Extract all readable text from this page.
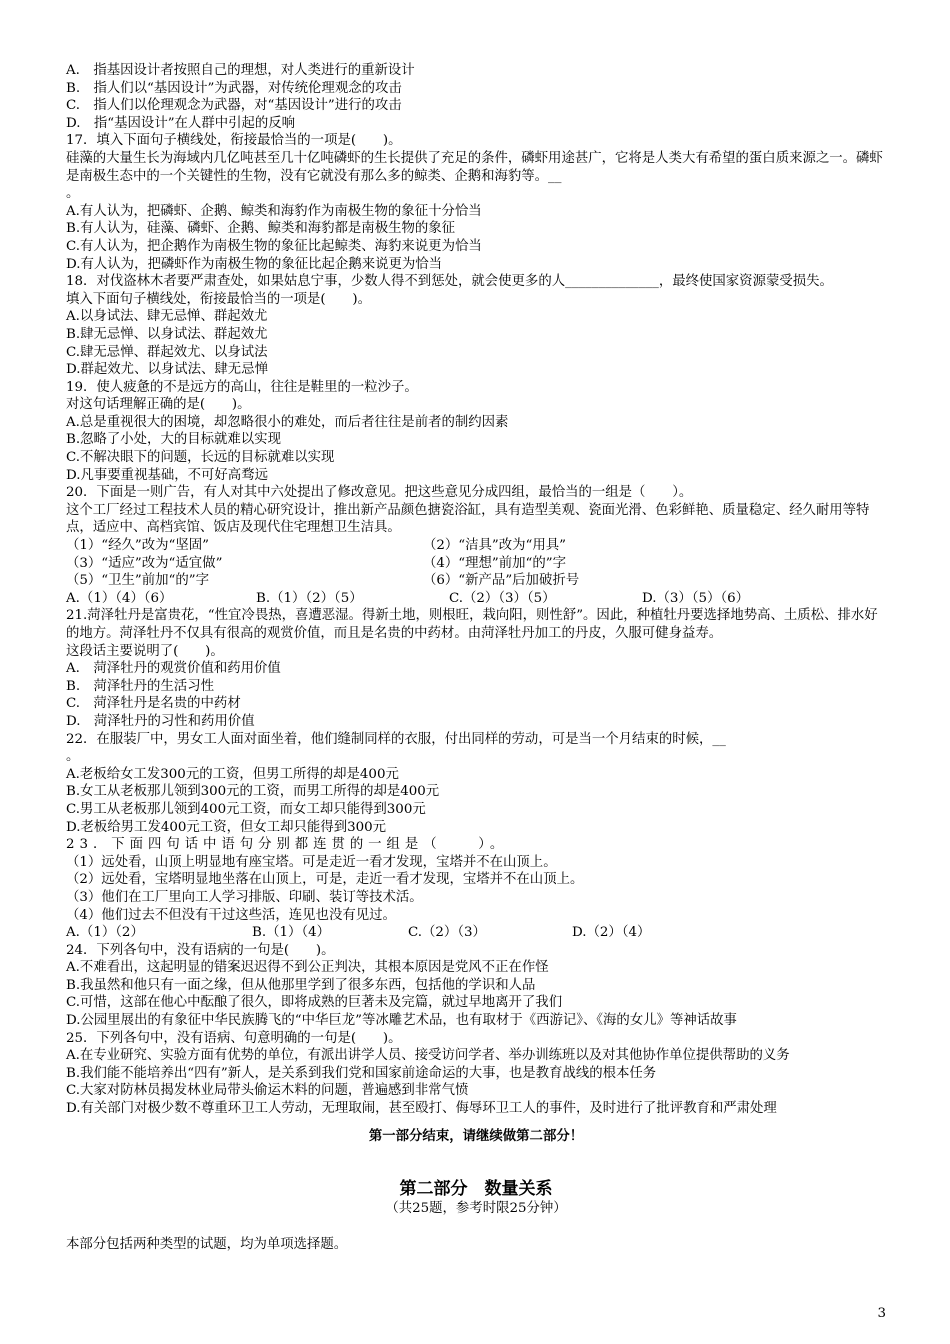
A.　指基因设计者按照自己的理想，对人类进行的重新设计

B.　指人们以“基因设计”为武器，对传统伦理观念的攻击

C.　指人们以伦理观念为武器，对“基因设计”进行的攻击

D.　指“基因设计”在人群中引起的反响

17．填入下面句子横线处，衔接最恰当的一项是(　　)。

硅藻的大量生长为海域内几亿吨甚至几十亿吨磷虾的生长提供了充足的条件，磷虾用途甚广，它将是人类大有希望的蛋白质来源之一。磷虾是南极生态中的一个关键性的生物，没有它就没有那么多的鲸类、企鹅和海豹等。__

。

A.有人认为，把磷虾、企鹅、鲸类和海豹作为南极生物的象征十分恰当

B.有人认为，硅藻、磷虾、企鹅、鲸类和海豹都是南极生物的象征

C.有人认为，把企鹅作为南极生物的象征比起鲸类、海豹来说更为恰当

D.有人认为，把磷虾作为南极生物的象征比起企鹅来说更为恰当

18．对伐盗林木者要严肃查处，如果姑息宁事，少数人得不到惩处，就会使更多的人______________，最终使国家资源蒙受损失。

填入下面句子横线处，衔接最恰当的一项是(　　)。

A.以身试法、肆无忌惮、群起效尤

B.肆无忌惮、以身试法、群起效尤

C.肆无忌惮、群起效尤、以身试法

D.群起效尤、以身试法、肆无忌惮

19．使人疲惫的不是远方的高山，往往是鞋里的一粒沙子。

对这句话理解正确的是(　　)。

A.总是重视很大的困境，却忽略很小的难处，而后者往往是前者的制约因素

B.忽略了小处，大的目标就难以实现

C.不解决眼下的问题，长远的目标就难以实现

D.凡事要重视基础，不可好高骛远

20．下面是一则广告，有人对其中六处提出了修改意见。把这些意见分成四组，最恰当的一组是（　　）。

这个工厂经过工程技术人员的精心研究设计，推出新产品颜色搪瓷浴缸，具有造型美观、瓷面光滑、色彩鲜艳、质量稳定、经久耐用等特点，适应中、高档宾馆、饭店及现代住宅理想卫生洁具。

（1）“经久”改为“坚固”	（2）“洁具”改为“用具”
（3）“适应”改为“适宜做”	（4）“理想”前加“的”字
（5）“卫生”前加“的”字	（6）“新产品”后加破折号
A.（1）（4）（6）	B.（1）（2）（5）	C.（2）（3）（5）	D.（3）（5）（6）

21.菏泽牡丹是富贵花，“性宜冷畏热，喜遭恶湿。得新土地，则根旺，栽向阳，则性舒”。因此，种植牡丹要选择地势高、土质松、排水好的地方。菏泽牡丹不仅具有很高的观赏价值，而且是名贵的中药材。由菏泽牡丹加工的丹皮，久服可健身益寿。

这段话主要说明了(　　)。

A.　菏泽牡丹的观赏价值和药用价值

B.　菏泽牡丹的生活习性

C.　菏泽牡丹是名贵的中药材

D.　菏泽牡丹的习性和药用价值

22．在服装厂中，男女工人面对面坐着，他们缝制同样的衣服，付出同样的劳动，可是当一个月结束的时候，__

。

A.老板给女工发300元的工资，但男工所得的却是400元

B.女工从老板那儿领到300元的工资，而男工所得的却是400元

C.男工从老板那儿领到400元工资，而女工却只能得到300元

D.老板给男工发400元工资，但女工却只能得到300元

23．下面四句话中语句分别都连贯的一组是（　　）。

（1）远处看，山顶上明显地有座宝塔。可是走近一看才发现，宝塔并不在山顶上。

（2）远处看，宝塔明显地坐落在山顶上，可是，走近一看才发现，宝塔并不在山顶上。

（3）他们在工厂里向工人学习排版、印刷、装订等技术活。

（4）他们过去不但没有干过这些活，连见也没有见过。

A.（1）（2）	B.（1）（4）	C.（2）（3）	D.（2）（4）

24．下列各句中，没有语病的一句是(　　)。

A.不难看出，这起明显的错案迟迟得不到公正判决，其根本原因是党风不正在作怪

B.我虽然和他只有一面之缘，但从他那里学到了很多东西，包括他的学识和人品

C.可惜，这部在他心中酝酿了很久，即将成熟的巨著未及完篇，就过早地离开了我们

D.公园里展出的有象征中华民族腾飞的“中华巨龙”等冰雕艺术品，也有取材于《西游记》、《海的女儿》等神话故事

25．下列各句中，没有语病、句意明确的一句是(　　)。

A.在专业研究、实验方面有优势的单位，有派出讲学人员、接受访问学者、举办训练班以及对其他协作单位提供帮助的义务

B.我们能不能培养出“四有”新人，是关系到我们党和国家前途命运的大事，也是教育战线的根本任务

C.大家对防林员揭发林业局带头偷运木料的问题，普遍感到非常气愤

D.有关部门对极少数不尊重环卫工人劳动，无理取闹，甚至殴打、侮辱环卫工人的事件，及时进行了批评教育和严肃处理

第一部分结束，请继续做第二部分！

第二部分　数量关系

（共25题，参考时限25分钟）

本部分包括两种类型的试题，均为单项选择题。

3
